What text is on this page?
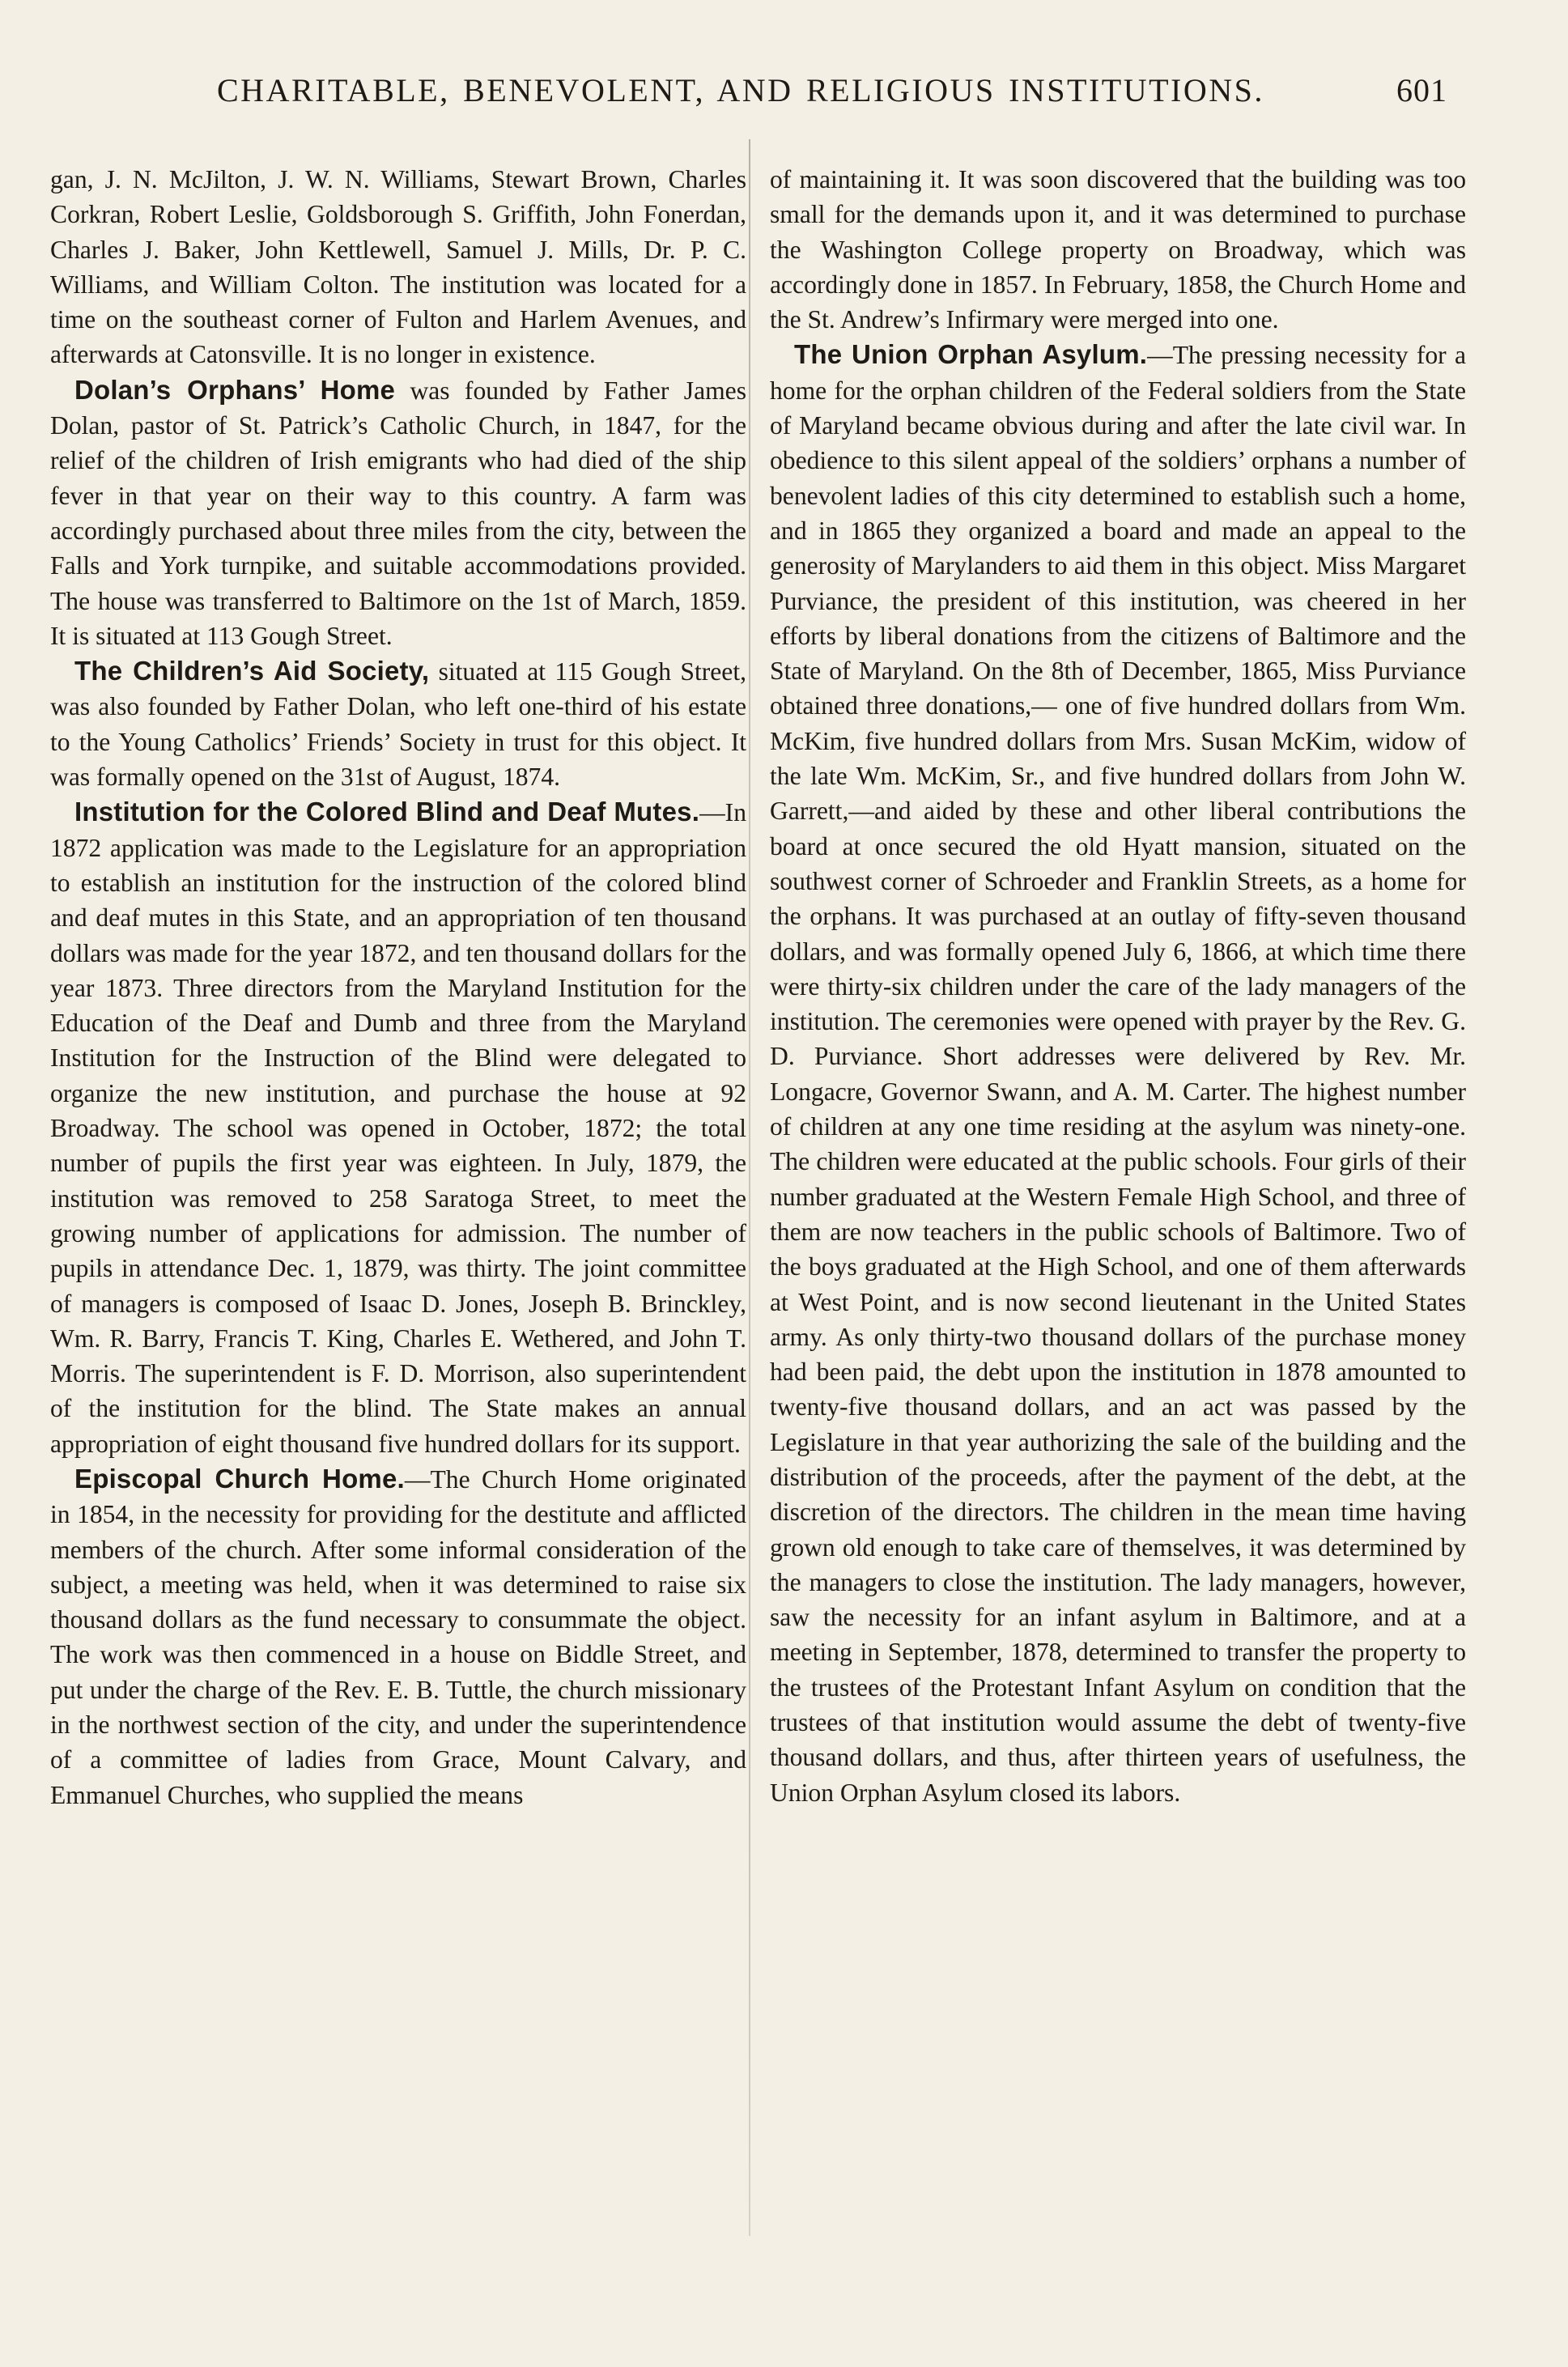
CHARITABLE, BENEVOLENT, AND RELIGIOUS INSTITUTIONS.	601

gan, J. N. McJilton, J. W. N. Williams, Stewart Brown, Charles Corkran, Robert Leslie, Goldsborough S. Griffith, John Fonerdan, Charles J. Baker, John Kettlewell, Samuel J. Mills, Dr. P. C. Williams, and William Colton. The institution was located for a time on the southeast corner of Fulton and Harlem Avenues, and afterwards at Catonsville. It is no longer in existence.

Dolan’s Orphans’ Home was founded by Father James Dolan, pastor of St. Patrick’s Catholic Church, in 1847, for the relief of the children of Irish emigrants who had died of the ship fever in that year on their way to this country. A farm was accordingly purchased about three miles from the city, between the Falls and York turnpike, and suitable accommodations provided. The house was transferred to Baltimore on the 1st of March, 1859. It is situated at 113 Gough Street.

The Children’s Aid Society, situated at 115 Gough Street, was also founded by Father Dolan, who left one-third of his estate to the Young Catholics’ Friends’ Society in trust for this object. It was formally opened on the 31st of August, 1874.

Institution for the Colored Blind and Deaf Mutes.—In 1872 application was made to the Legislature for an appropriation to establish an institution for the instruction of the colored blind and deaf mutes in this State, and an appropriation of ten thousand dollars was made for the year 1872, and ten thousand dollars for the year 1873. Three directors from the Maryland Institution for the Education of the Deaf and Dumb and three from the Maryland Institution for the Instruction of the Blind were delegated to organize the new institution, and purchase the house at 92 Broadway. The school was opened in October, 1872; the total number of pupils the first year was eighteen. In July, 1879, the institution was removed to 258 Saratoga Street, to meet the growing number of applications for admission. The number of pupils in attendance Dec. 1, 1879, was thirty. The joint committee of managers is composed of Isaac D. Jones, Joseph B. Brinckley, Wm. R. Barry, Francis T. King, Charles E. Wethered, and John T. Morris. The superintendent is F. D. Morrison, also superintendent of the institution for the blind. The State makes an annual appropriation of eight thousand five hundred dollars for its support.

Episcopal Church Home.—The Church Home originated in 1854, in the necessity for providing for the destitute and afflicted members of the church. After some informal consideration of the subject, a meeting was held, when it was determined to raise six thousand dollars as the fund necessary to consummate the object. The work was then commenced in a house on Biddle Street, and put under the charge of the Rev. E. B. Tuttle, the church missionary in the northwest section of the city, and under the superintendence of a committee of ladies from Grace, Mount Calvary, and Emmanuel Churches, who supplied the means

of maintaining it. It was soon discovered that the building was too small for the demands upon it, and it was determined to purchase the Washington College property on Broadway, which was accordingly done in 1857. In February, 1858, the Church Home and the St. Andrew’s Infirmary were merged into one.

The Union Orphan Asylum.—The pressing necessity for a home for the orphan children of the Federal soldiers from the State of Maryland became obvious during and after the late civil war. In obedience to this silent appeal of the soldiers’ orphans a number of benevolent ladies of this city determined to establish such a home, and in 1865 they organized a board and made an appeal to the generosity of Marylanders to aid them in this object. Miss Margaret Purviance, the president of this institution, was cheered in her efforts by liberal donations from the citizens of Baltimore and the State of Maryland. On the 8th of December, 1865, Miss Purviance obtained three donations,— one of five hundred dollars from Wm. McKim, five hundred dollars from Mrs. Susan McKim, widow of the late Wm. McKim, Sr., and five hundred dollars from John W. Garrett,—and aided by these and other liberal contributions the board at once secured the old Hyatt mansion, situated on the southwest corner of Schroeder and Franklin Streets, as a home for the orphans. It was purchased at an outlay of fifty-seven thousand dollars, and was formally opened July 6, 1866, at which time there were thirty-six children under the care of the lady managers of the institution. The ceremonies were opened with prayer by the Rev. G. D. Purviance. Short addresses were delivered by Rev. Mr. Longacre, Governor Swann, and A. M. Carter. The highest number of children at any one time residing at the asylum was ninety-one. The children were educated at the public schools. Four girls of their number graduated at the Western Female High School, and three of them are now teachers in the public schools of Baltimore. Two of the boys graduated at the High School, and one of them afterwards at West Point, and is now second lieutenant in the United States army. As only thirty-two thousand dollars of the purchase money had been paid, the debt upon the institution in 1878 amounted to twenty-five thousand dollars, and an act was passed by the Legislature in that year authorizing the sale of the building and the distribution of the proceeds, after the payment of the debt, at the discretion of the directors. The children in the mean time having grown old enough to take care of themselves, it was determined by the managers to close the institution. The lady managers, however, saw the necessity for an infant asylum in Baltimore, and at a meeting in September, 1878, determined to transfer the property to the trustees of the Protestant Infant Asylum on condition that the trustees of that institution would assume the debt of twenty-five thousand dollars, and thus, after thirteen years of usefulness, the Union Orphan Asylum closed its labors.
